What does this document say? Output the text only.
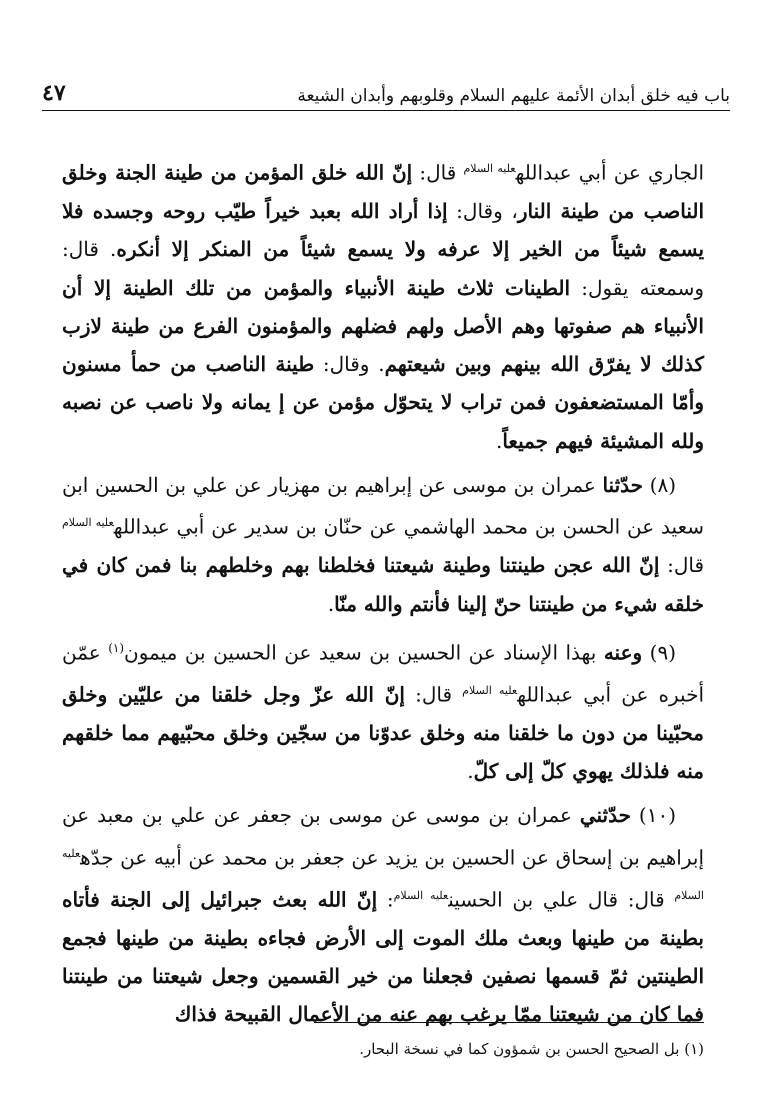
باب فيه خلق أبدان الأئمة عليهم السلام وقلوبهم وأبدان الشيعة
٤٧

الجاري عن أبي عبدالله$^{عليه السلام}$ قال: إنّ الله خلق المؤمن من طينة الجنة وخلق الناصب من طينة النار، وقال: إذا أراد الله بعبد خيراً طيّب روحه وجسده فلا يسمع شيئاً من الخير إلا عرفه ولا يسمع شيئاً من المنكر إلا أنكره. قال: وسمعته يقول: الطينات ثلاث طينة الأنبياء والمؤمن من تلك الطينة إلا أن الأنبياء هم صفوتها وهم الأصل ولهم فضلهم والمؤمنون الفرع من طينة لازب كذلك لا يفرّق الله بينهم وبين شيعتهم. وقال: طينة الناصب من حمأ مسنون وأمّا المستضعفون فمن تراب لا يتحوّل مؤمن عن إ يمانه ولا ناصب عن نصبه ولله المشيئة فيهم جميعاً.

(٨) حدّثنا عمران بن موسى عن إبراهيم بن مهزيار عن علي بن الحسين ابن سعيد عن الحسن بن محمد الهاشمي عن حنّان بن سدير عن أبي عبدالله$^{عليه السلام}$ قال: إنّ الله عجن طينتنا وطينة شيعتنا فخلطنا بهم وخلطهم بنا فمن كان في خلقه شيء من طينتنا حنّ إلينا فأنتم والله منّا.

(٩) وعنه بهذا الإسناد عن الحسين بن سعيد عن الحسين بن ميمون$^{(١)}$ عمّن أخبره عن أبي عبدالله$^{عليه السلام}$ قال: إنّ الله عزّ وجل خلقنا من عليّين وخلق محبّينا من دون ما خلقنا منه وخلق عدوّنا من سجّين وخلق محبّيهم مما خلقهم منه فلذلك يهوي كلّ إلى كلّ.

(١٠) حدّثني عمران بن موسى عن موسى بن جعفر عن علي بن معبد عن إبراهيم بن إسحاق عن الحسين بن يزيد عن جعفر بن محمد عن أبيه عن جدّه$^{عليه السلام}$ قال: قال علي بن الحسين$^{عليه السلام}$: إنّ الله بعث جبرائيل إلى الجنة فأتاه بطينة من طينها وبعث ملك الموت إلى الأرض فجاءه بطينة من طينها فجمع الطينتين ثمّ قسمها نصفين فجعلنا من خير القسمين وجعل شيعتنا من طينتنا فما كان من شيعتنا ممّا يرغب بهم عنه من الأعمال القبيحة فذاك

(١) بل الصحيح الحسن بن شمؤون كما في نسخة البحار.
